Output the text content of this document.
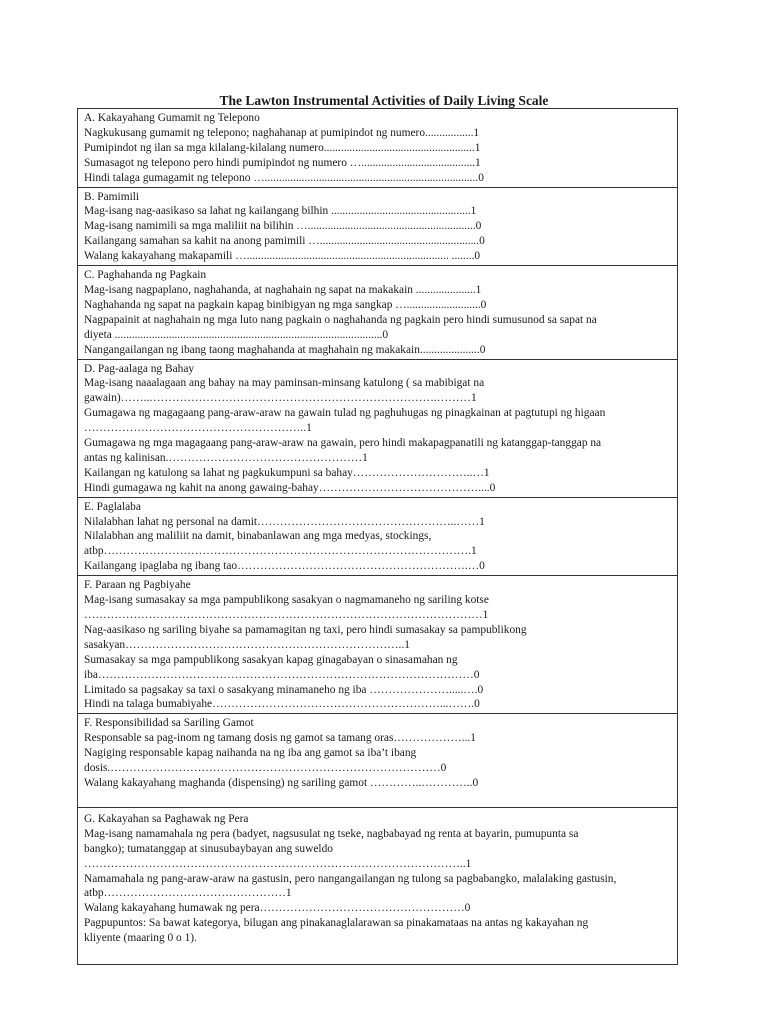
The Lawton Instrumental Activities of Daily Living Scale
A. Kakayahang Gumamit ng Telepono
Nagkukusang gumamit ng telepono; naghahanap at pumipindot ng numero.................1
Pumipindot ng ilan sa mga kilalang-kilalang numero.....................................................1
Sumasagot ng telepono pero hindi pumipindot ng numero …........................................1
Hindi talaga gumagamit ng telepono …...........................................................................0
B. Pamimili
Mag-isang nag-aasikaso sa lahat ng kailangang bilhin .................................................1
Mag-isang namimili sa mga maliliit na bilihin …...........................................................0
Kailangang samahan sa kahit na anong pamimili …........................................................0
Walang kakayahang makapamili …....................................................................... ........0
C. Paghahanda ng Pagkain
Mag-isang nagpaplano, naghahanda, at naghahain ng sapat na makakain .....................1
Naghahanda ng sapat na pagkain kapag binibigyan ng mga sangkap …..........................0
Nagpapainit at naghahain ng mga luto nang pagkain o naghahanda ng pagkain pero hindi sumusunod sa sapat na
diyeta ..............................................................................................0
Nangangailangan ng ibang taong maghahanda at maghahain ng makakain.....................0
D. Pag-aalaga ng Bahay
Mag-isang naaalagaan ang bahay na may paminsan-minsang katulong ( sa mabibigat na
gawain)……..………………………………………………………………….………1
Gumagawa ng magagaang pang-araw-araw na gawain tulad ng paghuhugas ng pinagkainan at pagtutupi ng higaan
…………………………………………………..1
Gumagawa ng mga magagaang pang-araw-araw na gawain, pero hindi makapagpanatili ng katanggap-tanggap na
antas ng kalinisan.……………………………………………1
Kailangan ng katulong sa lahat ng pagkukumpuni sa bahay…………………………..…1
Hindi gumagawa ng kahit na anong gawaing-bahay……………………………………....0
E. Paglalaba
Nilalabhan lahat ng personal na damit……………………………………………..……1
Nilalabhan ang maliliit na damit, binabanlawan ang mga medyas, stockings,
atbp…………………………………………………………………………………….1
Kailangang ipaglaba ng ibang tao…………………………………………………….…0
F. Paraan ng Pagbiyahe
Mag-isang sumasakay sa mga pampublikong sasakyan o nagmamaneho ng sariling kotse
……………………………………………………………………………………………1
Nag-aasikaso ng sariling biyahe sa pamamagitan ng taxi, pero hindi sumasakay sa pampublikong
sasakyan………………………………………………………………..1
Sumasakay sa mga pampublikong sasakyan kapag ginagabayan o sinasamahan ng
iba………………………………………………………………………………………0
Limitado sa pagsakay sa taxi o sasakyang minamaneho ng iba ………………….....….0
Hindi na talaga bumabiyahe……………………………………………………...…….0
F. Responsibilidad sa Sariling Gamot
Responsable sa pag-inom ng tamang dosis ng gamot sa tamang oras………………...1
Nagiging responsable kapag naihanda na ng iba ang gamot sa iba’t ibang
dosis.……………………………………………………………………………0
Walang kakayahang maghanda (dispensing) ng sariling gamot …………..…………..0
G. Kakayahan sa Paghawak ng Pera
Mag-isang namamahala ng pera (badyet, nagsusulat ng tseke, nagbabayad ng renta at bayarin, pumupunta sa
bangko); tumatanggap at sinusubaybayan ang suweldo
………………………………………………………………………………………..1
Namamahala ng pang-araw-araw na gastusin, pero nangangailangan ng tulong sa pagbabangko, malalaking gastusin,
atbp…………………………………………1
Walang kakayahang humawak ng pera………………………………………………0
Pagpupuntos: Sa bawat kategorya, bilugan ang pinakanaglalarawan sa pinakamataas na antas ng kakayahan ng
kliyente (maaring 0 o 1).
